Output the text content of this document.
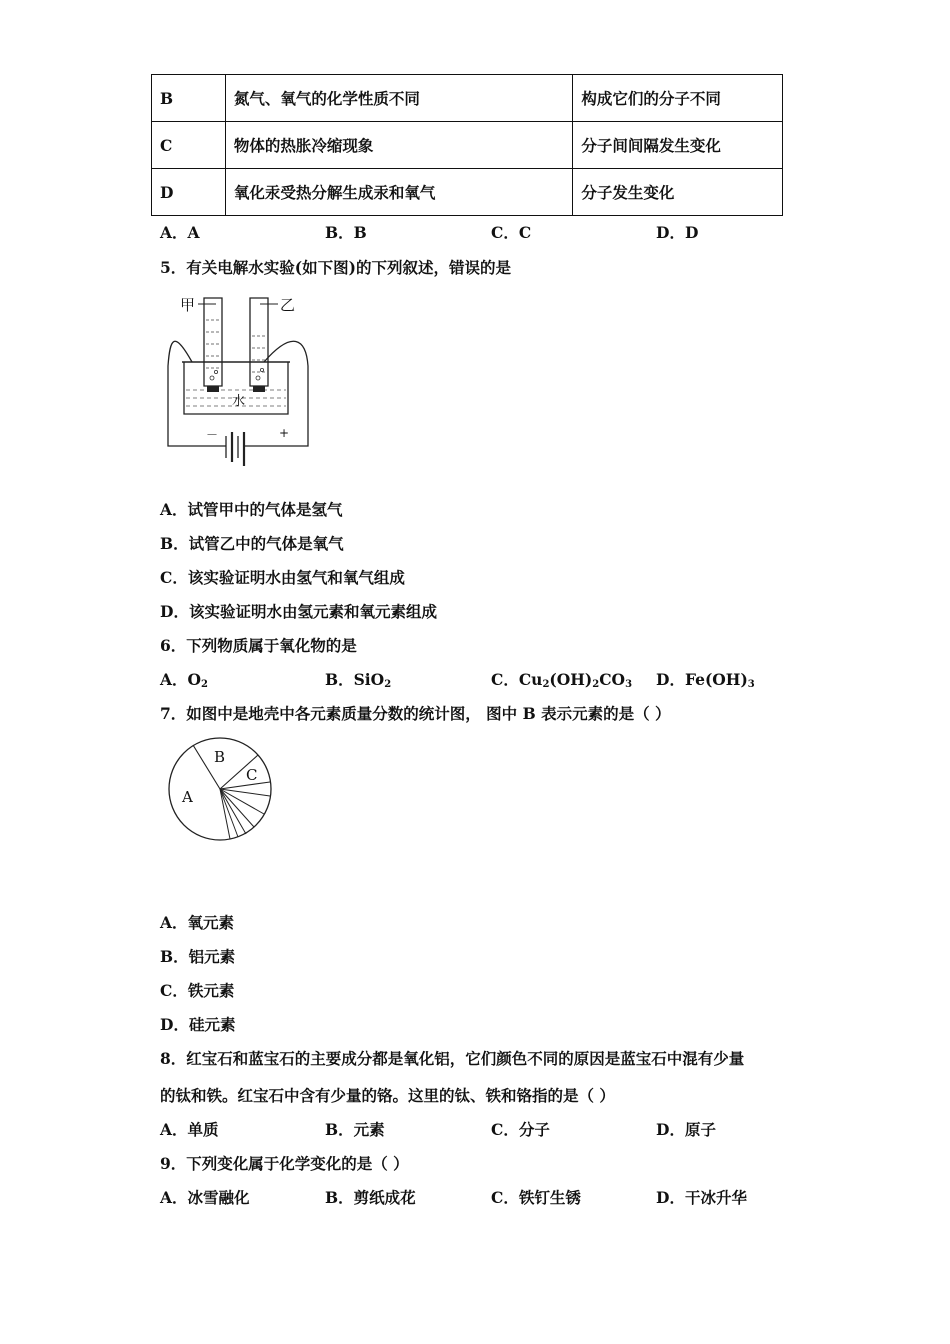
B	氮气、氧气的化学性质不同	构成它们的分子不同
C	物体的热胀冷缩现象	分子间间隔发生变化
D	氧化汞受热分解生成汞和氧气	分子发生变化
A．A	B．B	C．C	D．D
5．有关电解水实验(如下图)的下列叙述，错误的是
甲	乙
水
－	+
A．试管甲中的气体是氢气
B．试管乙中的气体是氧气
C．该实验证明水由氢气和氧气组成
D．该实验证明水由氢元素和氧元素组成
6．下列物质属于氧化物的是
A．$O_2$	B．SiO$_2$	C．$Cu_2(OH)_2CO_3$ D．$Fe(OH)_3$
7．如图中是地壳中各元素质量分数的统计图， 图中 B 表示元素的是（ ）
B
C
A
A．氧元素
B．铝元素
C．铁元素
D．硅元素
8．红宝石和蓝宝石的主要成分都是氧化铝，它们颜色不同的原因是蓝宝石中混有少量
的钛和铁。红宝石中含有少量的铬。这里的钛、铁和铬指的是（ ）
A．单质	B．元素	C．分子	D．原子
9．下列变化属于化学变化的是（ ）
A．冰雪融化	B．剪纸成花	C．铁钉生锈	D．干冰升华
